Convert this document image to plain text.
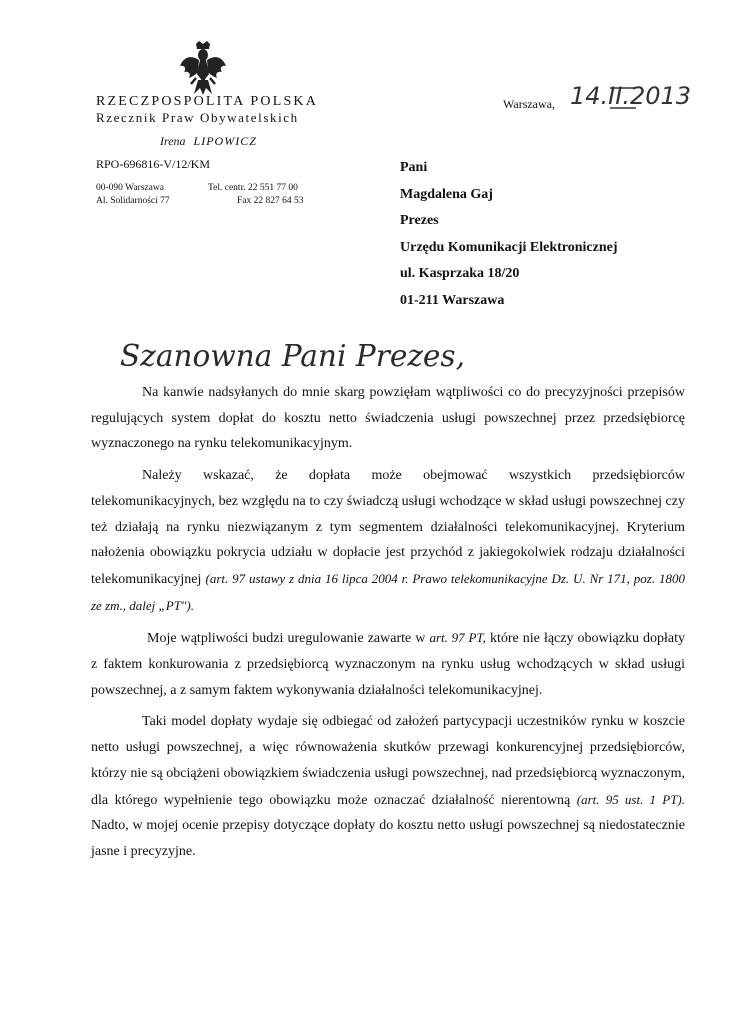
RZECZPOSPOLITA POLSKA
Rzecznik Praw Obywatelskich
Irena LIPOWICZ
RPO-696816-V/12/KM
00-090 Warszawa
Al. Solidarności 77
Tel. centr. 22 551 77 00
Fax 22 827 64 53
Warszawa, 14.II.2013
Pani
Magdalena Gaj
Prezes
Urzędu Komunikacji Elektronicznej
ul. Kasprzaka 18/20
01-211 Warszawa
Szanowna Pani Prezes,

Na kanwie nadsyłanych do mnie skarg powzięłam wątpliwości co do precyzyjności przepisów regulujących system dopłat do kosztu netto świadczenia usługi powszechnej przez przedsiębiorcę wyznaczonego na rynku telekomunikacyjnym.

Należy wskazać, że dopłata może obejmować wszystkich przedsiębiorców telekomunikacyjnych, bez względu na to czy świadczą usługi wchodzące w skład usługi powszechnej czy też działają na rynku niezwiązanym z tym segmentem działalności telekomunikacyjnej. Kryterium nałożenia obowiązku pokrycia udziału w dopłacie jest przychód z jakiegokolwiek rodzaju działalności telekomunikacyjnej (art. 97 ustawy z dnia 16 lipca 2004 r. Prawo telekomunikacyjne Dz. U. Nr 171, poz. 1800 ze zm., dalej „PT").

Moje wątpliwości budzi uregulowanie zawarte w art. 97 PT, które nie łączy obowiązku dopłaty z faktem konkurowania z przedsiębiorcą wyznaczonym na rynku usług wchodzących w skład usługi powszechnej, a z samym faktem wykonywania działalności telekomunikacyjnej.

Taki model dopłaty wydaje się odbiegać od założeń partycypacji uczestników rynku w koszcie netto usługi powszechnej, a więc równoważenia skutków przewagi konkurencyjnej przedsiębiorców, którzy nie są obciążeni obowiązkiem świadczenia usługi powszechnej, nad przedsiębiorcą wyznaczonym, dla którego wypełnienie tego obowiązku może oznaczać działalność nierentowną (art. 95 ust. 1 PT). Nadto, w mojej ocenie przepisy dotyczące dopłaty do kosztu netto usługi powszechnej są niedostatecznie jasne i precyzyjne.
